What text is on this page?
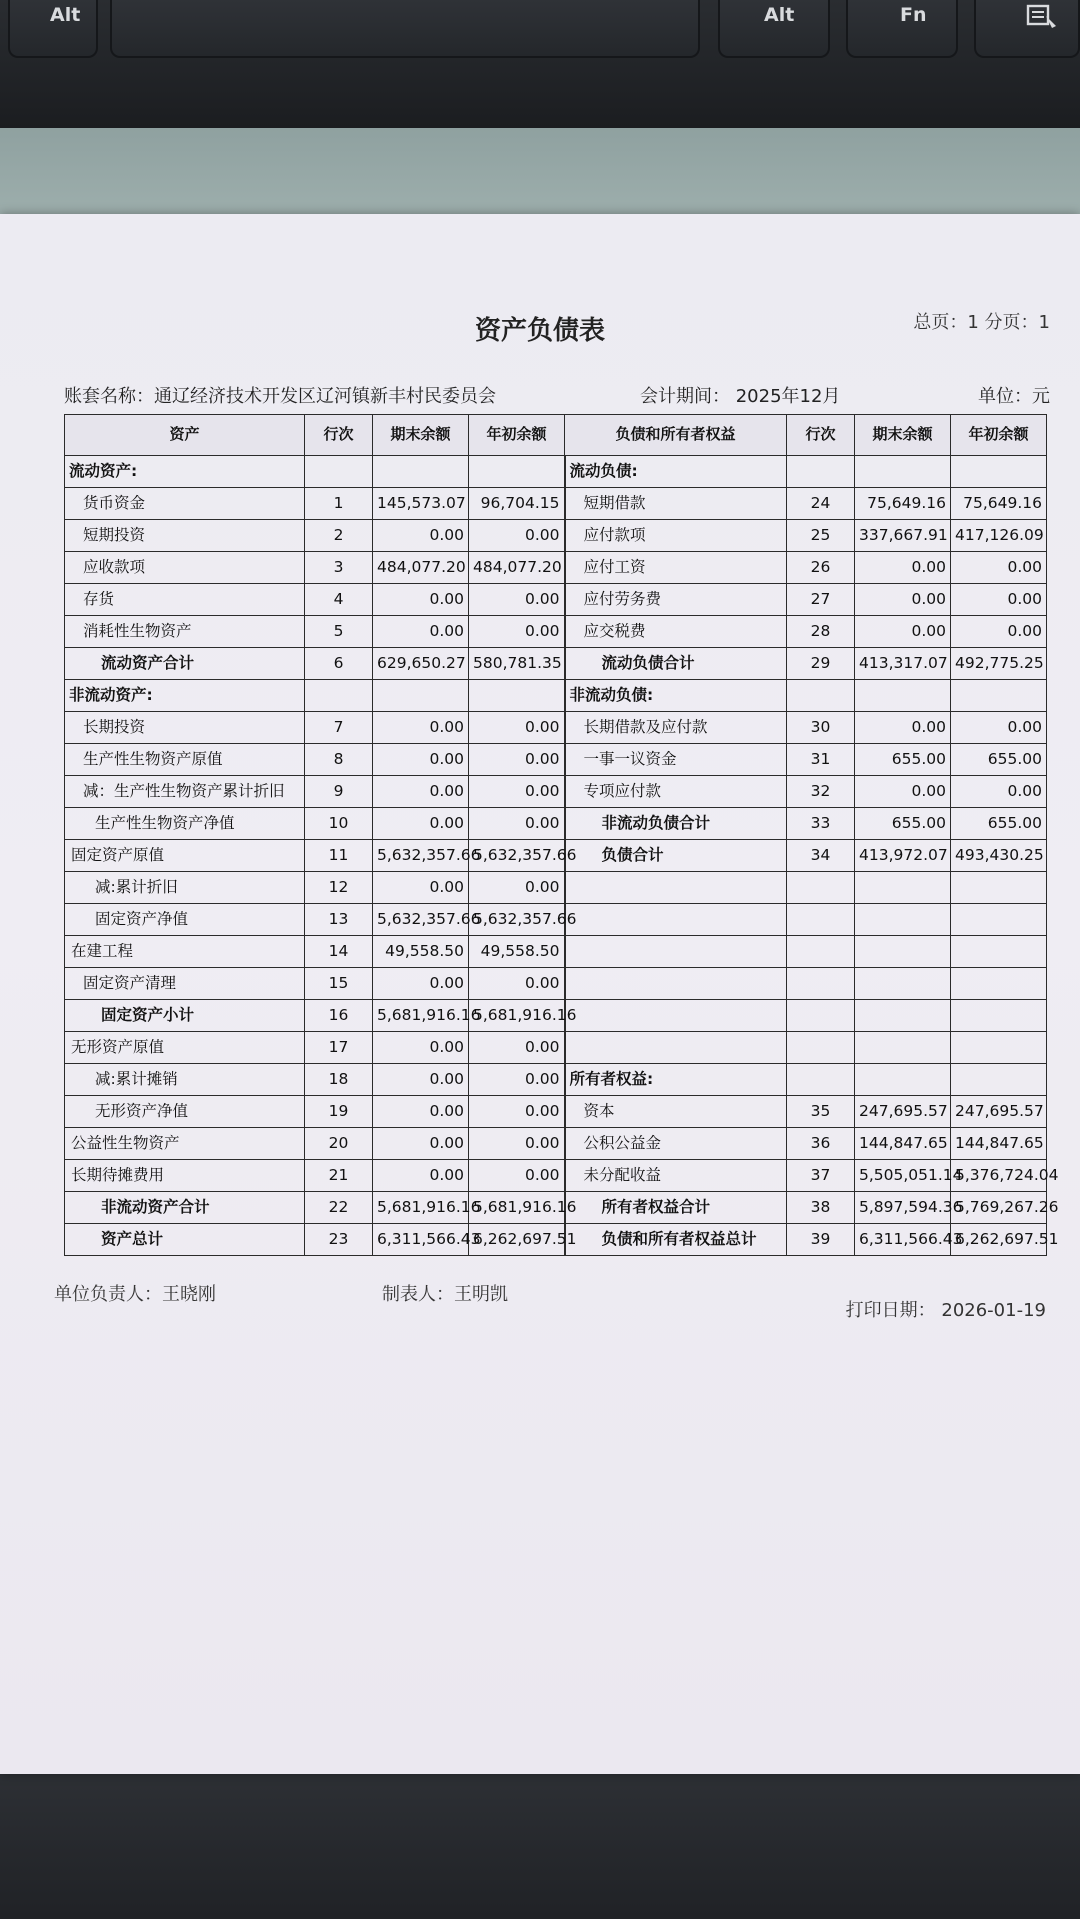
Alt	Alt	Fn
资产负债表	总页：1 分页：1
账套名称：通辽经济技术开发区辽河镇新丰村民委员会	会计期间： 2025年12月	单位：元
资产	行次	期末余额	年初余额	负债和所有者权益	行次	期末余额	年初余额
流动资产:				流动负债:			
货币资金	1	145,573.07	96,704.15	短期借款	24	75,649.16	75,649.16
短期投资	2	0.00	0.00	应付款项	25	337,667.91	417,126.09
应收款项	3	484,077.20	484,077.20	应付工资	26	0.00	0.00
存货	4	0.00	0.00	应付劳务费	27	0.00	0.00
消耗性生物资产	5	0.00	0.00	应交税费	28	0.00	0.00
流动资产合计	6	629,650.27	580,781.35	流动负债合计	29	413,317.07	492,775.25
非流动资产:				非流动负债:			
长期投资	7	0.00	0.00	长期借款及应付款	30	0.00	0.00
生产性生物资产原值	8	0.00	0.00	一事一议资金	31	655.00	655.00
减：生产性生物资产累计折旧	9	0.00	0.00	专项应付款	32	0.00	0.00
生产性生物资产净值	10	0.00	0.00	非流动负债合计	33	655.00	655.00
固定资产原值	11	5,632,357.66	5,632,357.66	负债合计	34	413,972.07	493,430.25
减:累计折旧	12	0.00	0.00				
固定资产净值	13	5,632,357.66	5,632,357.66				
在建工程	14	49,558.50	49,558.50				
固定资产清理	15	0.00	0.00				
固定资产小计	16	5,681,916.16	5,681,916.16				
无形资产原值	17	0.00	0.00				
减:累计摊销	18	0.00	0.00	所有者权益:			
无形资产净值	19	0.00	0.00	资本	35	247,695.57	247,695.57
公益性生物资产	20	0.00	0.00	公积公益金	36	144,847.65	144,847.65
长期待摊费用	21	0.00	0.00	未分配收益	37	5,505,051.14	5,376,724.04
非流动资产合计	22	5,681,916.16	5,681,916.16	所有者权益合计	38	5,897,594.36	5,769,267.26
资产总计	23	6,311,566.43	6,262,697.51	负债和所有者权益总计	39	6,311,566.43	6,262,697.51
单位负责人：王晓刚	制表人：王明凯
打印日期： 2026-01-19
